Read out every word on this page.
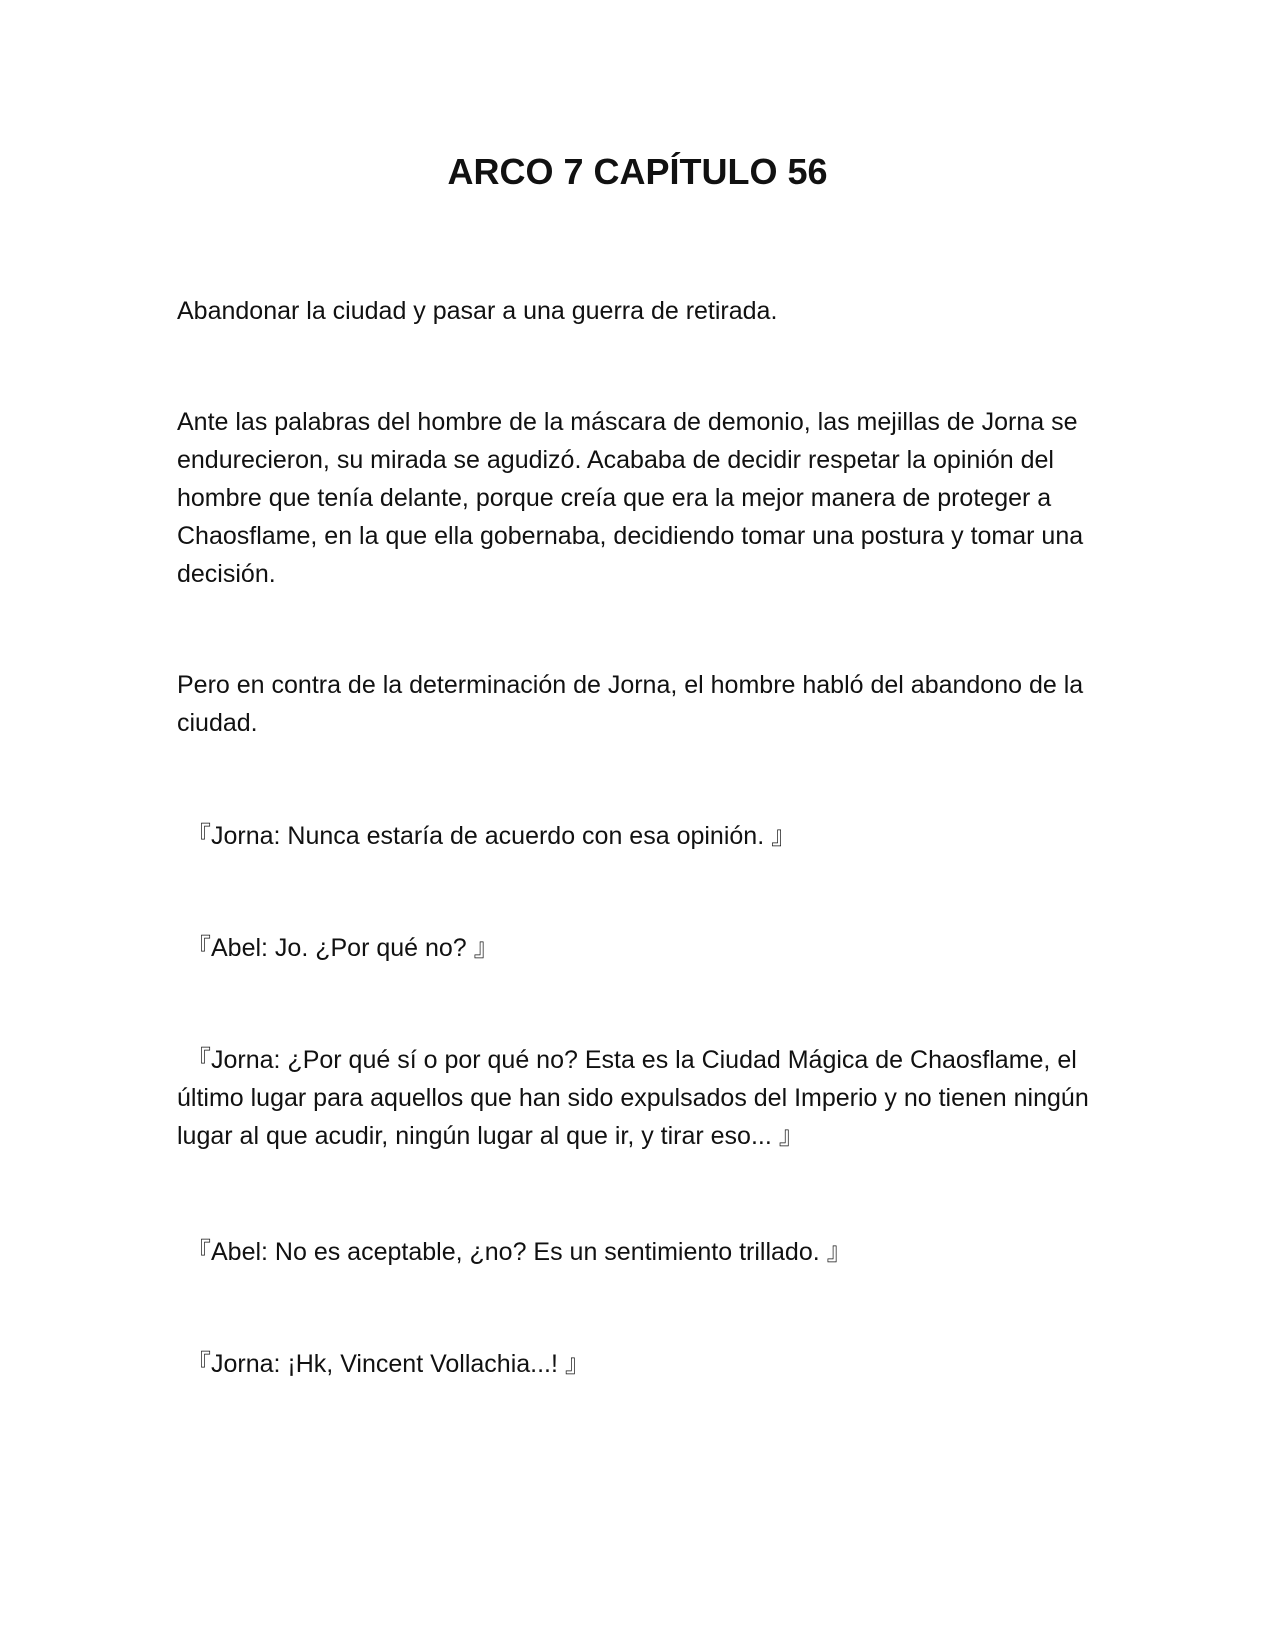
ARCO 7 CAPÍTULO 56

Abandonar la ciudad y pasar a una guerra de retirada.

Ante las palabras del hombre de la máscara de demonio, las mejillas de Jorna se endurecieron, su mirada se agudizó. Acababa de decidir respetar la opinión del hombre que tenía delante, porque creía que era la mejor manera de proteger a Chaosflame, en la que ella gobernaba, decidiendo tomar una postura y tomar una decisión.

Pero en contra de la determinación de Jorna, el hombre habló del abandono de la ciudad.

『Jorna: Nunca estaría de acuerdo con esa opinión. 』

『Abel: Jo. ¿Por qué no? 』

『Jorna: ¿Por qué sí o por qué no? Esta es la Ciudad Mágica de Chaosflame, el último lugar para aquellos que han sido expulsados del Imperio y no tienen ningún lugar al que acudir, ningún lugar al que ir, y tirar eso... 』

『Abel: No es aceptable, ¿no? Es un sentimiento trillado. 』

『Jorna: ¡Hk, Vincent Vollachia...! 』
